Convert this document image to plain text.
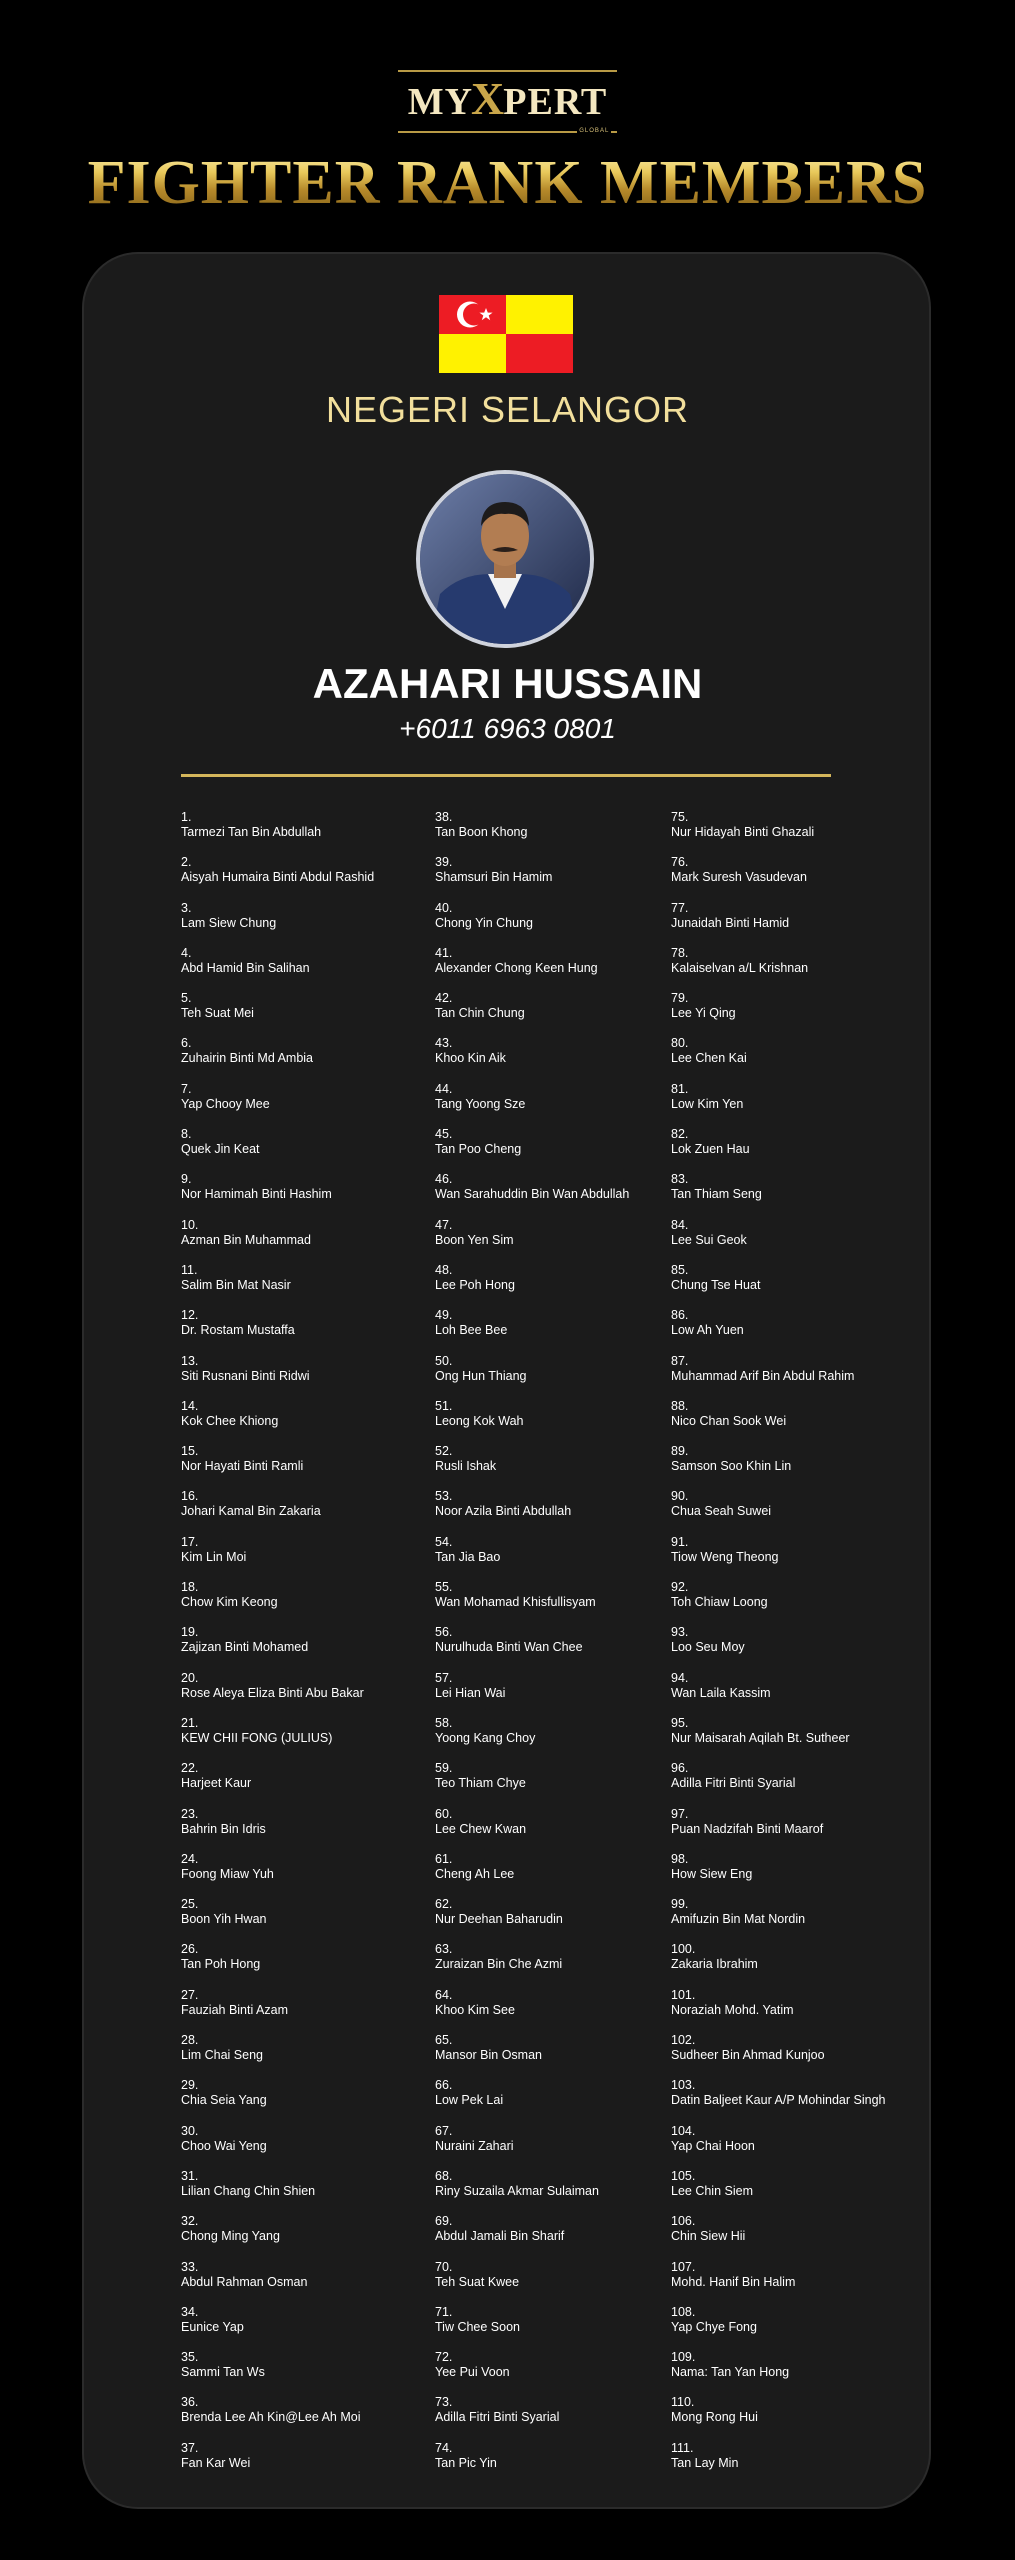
MYXPERT
GLOBAL
FIGHTER RANK MEMBERS
NEGERI SELANGOR
AZAHARI HUSSAIN
+6011 6963 0801
1.
Tarmezi Tan Bin Abdullah
2.
Aisyah Humaira Binti Abdul Rashid
3.
Lam Siew Chung
4.
Abd Hamid Bin Salihan
5.
Teh Suat Mei
6.
Zuhairin Binti Md Ambia
7.
Yap Chooy Mee
8.
Quek Jin Keat
9.
Nor Hamimah Binti Hashim
10.
Azman Bin Muhammad
11.
Salim Bin Mat Nasir
12.
Dr. Rostam Mustaffa
13.
Siti Rusnani Binti Ridwi
14.
Kok Chee Khiong
15.
Nor Hayati Binti Ramli
16.
Johari Kamal Bin Zakaria
17.
Kim Lin Moi
18.
Chow Kim Keong
19.
Zajizan Binti Mohamed
20.
Rose Aleya Eliza Binti Abu Bakar
21.
KEW CHII FONG (JULIUS)
22.
Harjeet Kaur
23.
Bahrin Bin Idris
24.
Foong Miaw Yuh
25.
Boon Yih Hwan
26.
Tan Poh Hong
27.
Fauziah Binti Azam
28.
Lim Chai Seng
29.
Chia Seia Yang
30.
Choo Wai Yeng
31.
Lilian Chang Chin Shien
32.
Chong Ming Yang
33.
Abdul Rahman Osman
34.
Eunice Yap
35.
Sammi Tan Ws
36.
Brenda Lee Ah Kin@Lee Ah Moi
37.
Fan Kar Wei
38.
Tan Boon Khong
39.
Shamsuri Bin Hamim
40.
Chong Yin Chung
41.
Alexander Chong Keen Hung
42.
Tan Chin Chung
43.
Khoo Kin Aik
44.
Tang Yoong Sze
45.
Tan Poo Cheng
46.
Wan Sarahuddin Bin Wan Abdullah
47.
Boon Yen Sim
48.
Lee Poh Hong
49.
Loh Bee Bee
50.
Ong Hun Thiang
51.
Leong Kok Wah
52.
Rusli Ishak
53.
Noor Azila Binti Abdullah
54.
Tan Jia Bao
55.
Wan Mohamad Khisfullisyam
56.
Nurulhuda Binti Wan Chee
57.
Lei Hian Wai
58.
Yoong Kang Choy
59.
Teo Thiam Chye
60.
Lee Chew Kwan
61.
Cheng Ah Lee
62.
Nur Deehan Baharudin
63.
Zuraizan Bin Che Azmi
64.
Khoo Kim See
65.
Mansor Bin Osman
66.
Low Pek Lai
67.
Nuraini Zahari
68.
Riny Suzaila Akmar Sulaiman
69.
Abdul Jamali Bin Sharif
70.
Teh Suat Kwee
71.
Tiw Chee Soon
72.
Yee Pui Voon
73.
Adilla Fitri Binti Syarial
74.
Tan Pic Yin
75.
Nur Hidayah Binti Ghazali
76.
Mark Suresh Vasudevan
77.
Junaidah Binti Hamid
78.
Kalaiselvan a/L Krishnan
79.
Lee Yi Qing
80.
Lee Chen Kai
81.
Low Kim Yen
82.
Lok Zuen Hau
83.
Tan Thiam Seng
84.
Lee Sui Geok
85.
Chung Tse Huat
86.
Low Ah Yuen
87.
Muhammad Arif Bin Abdul Rahim
88.
Nico Chan Sook Wei
89.
Samson Soo Khin Lin
90.
Chua Seah Suwei
91.
Tiow Weng Theong
92.
Toh Chiaw Loong
93.
Loo Seu Moy
94.
Wan Laila Kassim
95.
Nur Maisarah Aqilah Bt. Sutheer
96.
Adilla Fitri Binti Syarial
97.
Puan Nadzifah Binti Maarof
98.
How Siew Eng
99.
Amifuzin Bin Mat Nordin
100.
Zakaria Ibrahim
101.
Noraziah Mohd. Yatim
102.
Sudheer Bin Ahmad Kunjoo
103.
Datin Baljeet Kaur A/P Mohindar Singh
104.
Yap Chai Hoon
105.
Lee Chin Siem
106.
Chin Siew Hii
107.
Mohd. Hanif Bin Halim
108.
Yap Chye Fong
109.
Nama: Tan Yan Hong
110.
Mong Rong Hui
111.
Tan Lay Min
